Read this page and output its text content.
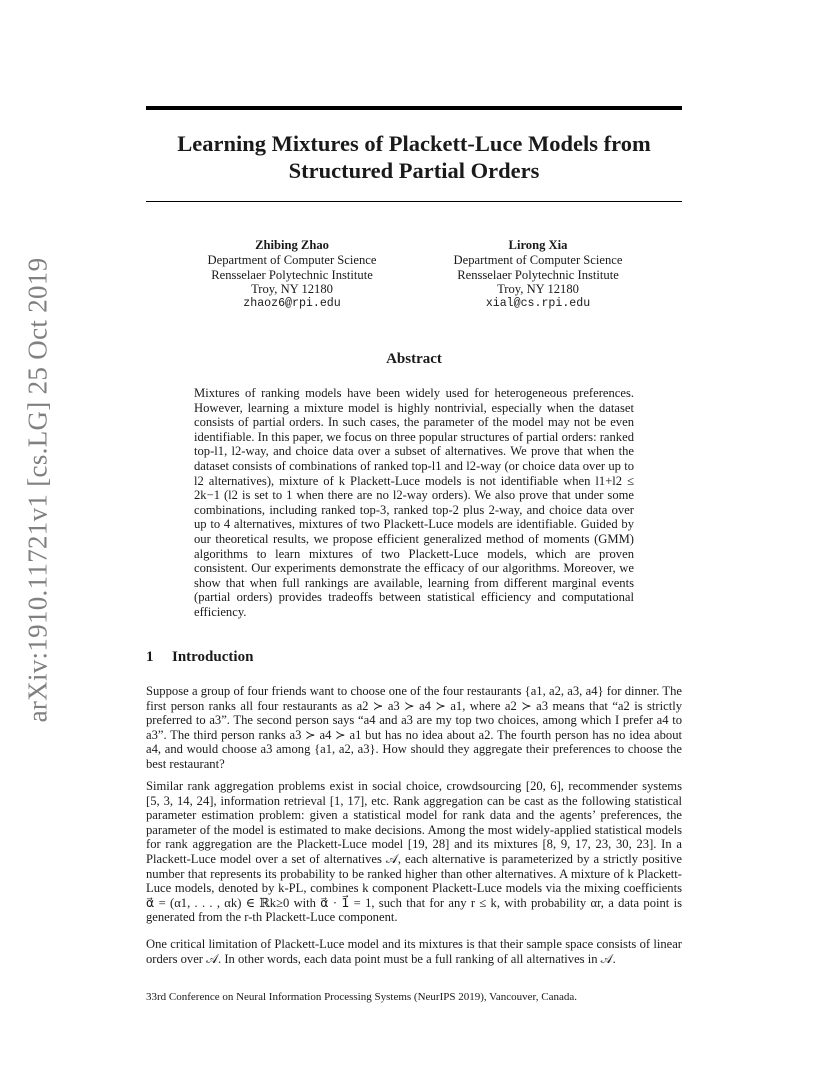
arXiv:1910.11721v1 [cs.LG] 25 Oct 2019
Learning Mixtures of Plackett-Luce Models from
Structured Partial Orders
Zhibing Zhao
Department of Computer Science
Rensselaer Polytechnic Institute
Troy, NY 12180
zhaoz6@rpi.edu
Lirong Xia
Department of Computer Science
Rensselaer Polytechnic Institute
Troy, NY 12180
xial@cs.rpi.edu
Abstract
Mixtures of ranking models have been widely used for heterogeneous preferences. However, learning a mixture model is highly nontrivial, especially when the dataset consists of partial orders. In such cases, the parameter of the model may not be even identifiable. In this paper, we focus on three popular structures of partial orders: ranked top-l1, l2-way, and choice data over a subset of alternatives. We prove that when the dataset consists of combinations of ranked top-l1 and l2-way (or choice data over up to l2 alternatives), mixture of k Plackett-Luce models is not identifiable when l1+l2 ≤ 2k−1 (l2 is set to 1 when there are no l2-way orders). We also prove that under some combinations, including ranked top-3, ranked top-2 plus 2-way, and choice data over up to 4 alternatives, mixtures of two Plackett-Luce models are identifiable. Guided by our theoretical results, we propose efficient generalized method of moments (GMM) algorithms to learn mixtures of two Plackett-Luce models, which are proven consistent. Our experiments demonstrate the efficacy of our algorithms. Moreover, we show that when full rankings are available, learning from different marginal events (partial orders) provides tradeoffs between statistical efficiency and computational efficiency.
1 Introduction
Suppose a group of four friends want to choose one of the four restaurants {a1, a2, a3, a4} for dinner. The first person ranks all four restaurants as a2 ≻ a3 ≻ a4 ≻ a1, where a2 ≻ a3 means that “a2 is strictly preferred to a3”. The second person says “a4 and a3 are my top two choices, among which I prefer a4 to a3”. The third person ranks a3 ≻ a4 ≻ a1 but has no idea about a2. The fourth person has no idea about a4, and would choose a3 among {a1, a2, a3}. How should they aggregate their preferences to choose the best restaurant?
Similar rank aggregation problems exist in social choice, crowdsourcing [20, 6], recommender systems [5, 3, 14, 24], information retrieval [1, 17], etc. Rank aggregation can be cast as the following statistical parameter estimation problem: given a statistical model for rank data and the agents’ preferences, the parameter of the model is estimated to make decisions. Among the most widely-applied statistical models for rank aggregation are the Plackett-Luce model [19, 28] and its mixtures [8, 9, 17, 23, 30, 23]. In a Plackett-Luce model over a set of alternatives 𝒜, each alternative is parameterized by a strictly positive number that represents its probability to be ranked higher than other alternatives. A mixture of k Plackett-Luce models, denoted by k-PL, combines k component Plackett-Luce models via the mixing coefficients α⃗ = (α1, . . . , αk) ∈ ℝk≥0 with α⃗ · 1⃗ = 1, such that for any r ≤ k, with probability αr, a data point is generated from the r-th Plackett-Luce component.
One critical limitation of Plackett-Luce model and its mixtures is that their sample space consists of linear orders over 𝒜. In other words, each data point must be a full ranking of all alternatives in 𝒜.
33rd Conference on Neural Information Processing Systems (NeurIPS 2019), Vancouver, Canada.
